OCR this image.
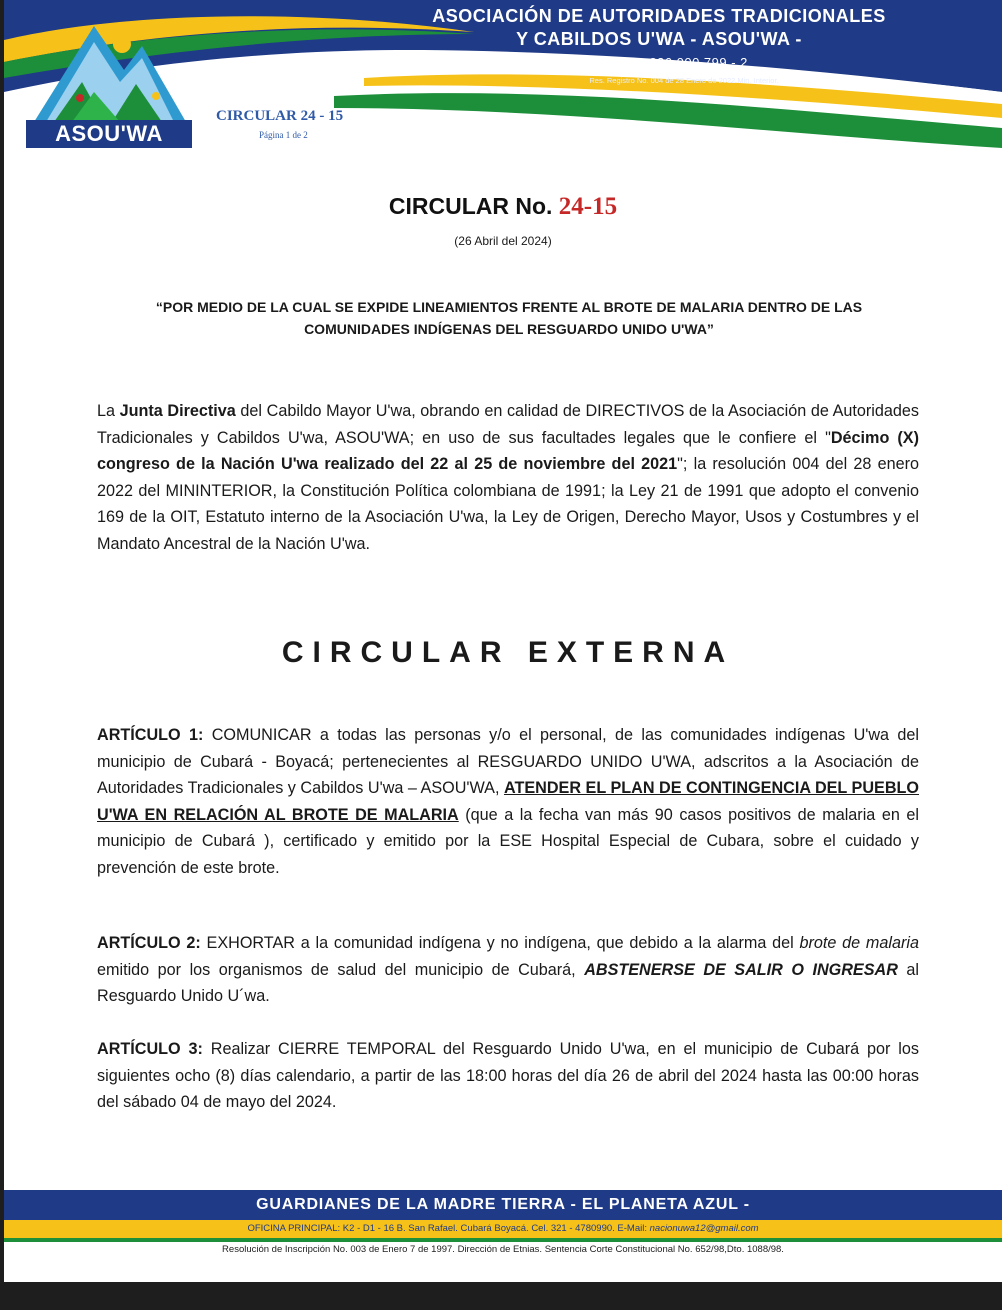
ASOCIACIÓN DE AUTORIDADES TRADICIONALES
Y CABILDOS U'WA - ASOU'WA -
NIT. 826.000.799 - 2
Res. Registro No. 004 de 28 Enero de 2022 Min. Interior.
ASOU'WA
CIRCULAR 24 - 15
Página 1 de 2
CIRCULAR No. 24-15
(26 Abril del 2024)
“POR MEDIO DE LA CUAL SE EXPIDE LINEAMIENTOS FRENTE AL BROTE DE MALARIA DENTRO DE LAS COMUNIDADES INDÍGENAS DEL RESGUARDO UNIDO U'WA”
La Junta Directiva del Cabildo Mayor U'wa, obrando en calidad de DIRECTIVOS de la Asociación de Autoridades Tradicionales y Cabildos U'wa, ASOU'WA; en uso de sus facultades legales que le confiere el "Décimo (X) congreso de la Nación U'wa realizado del 22 al 25 de noviembre del 2021"; la resolución 004 del 28 enero 2022 del MININTERIOR, la Constitución Política colombiana de 1991; la Ley 21 de 1991 que adopto el convenio 169 de la OIT, Estatuto interno de la Asociación U'wa, la Ley de Origen, Derecho Mayor, Usos y Costumbres y el Mandato Ancestral de la Nación U'wa.
CIRCULAR EXTERNA
ARTÍCULO 1: COMUNICAR a todas las personas y/o el personal, de las comunidades indígenas U'wa del municipio de Cubará - Boyacá; pertenecientes al RESGUARDO UNIDO U'WA, adscritos a la Asociación de Autoridades Tradicionales y Cabildos U'wa – ASOU'WA, ATENDER EL PLAN DE CONTINGENCIA DEL PUEBLO U'WA EN RELACIÓN AL BROTE DE MALARIA (que a la fecha van más 90 casos positivos de malaria en el municipio de Cubará ), certificado y emitido por la ESE Hospital Especial de Cubara, sobre el cuidado y prevención de este brote.
ARTÍCULO 2: EXHORTAR a la comunidad indígena y no indígena, que debido a la alarma del brote de malaria emitido por los organismos de salud del municipio de Cubará, ABSTENERSE DE SALIR O INGRESAR al Resguardo Unido U´wa.
ARTÍCULO 3: Realizar CIERRE TEMPORAL del Resguardo Unido U'wa, en el municipio de Cubará por los siguientes ocho (8) días calendario, a partir de las 18:00 horas del día 26 de abril del 2024 hasta las 00:00 horas del sábado 04 de mayo del 2024.
GUARDIANES DE LA MADRE TIERRA - EL PLANETA AZUL -
OFICINA PRINCIPAL: K2 - D1 - 16 B. San Rafael. Cubará Boyacá. Cel. 321 - 4780990. E-Mail: nacionuwa12@gmail.com
Resolución de Inscripción No. 003 de Enero 7 de 1997. Dirección de Etnias. Sentencia Corte Constitucional No. 652/98,Dto. 1088/98.
